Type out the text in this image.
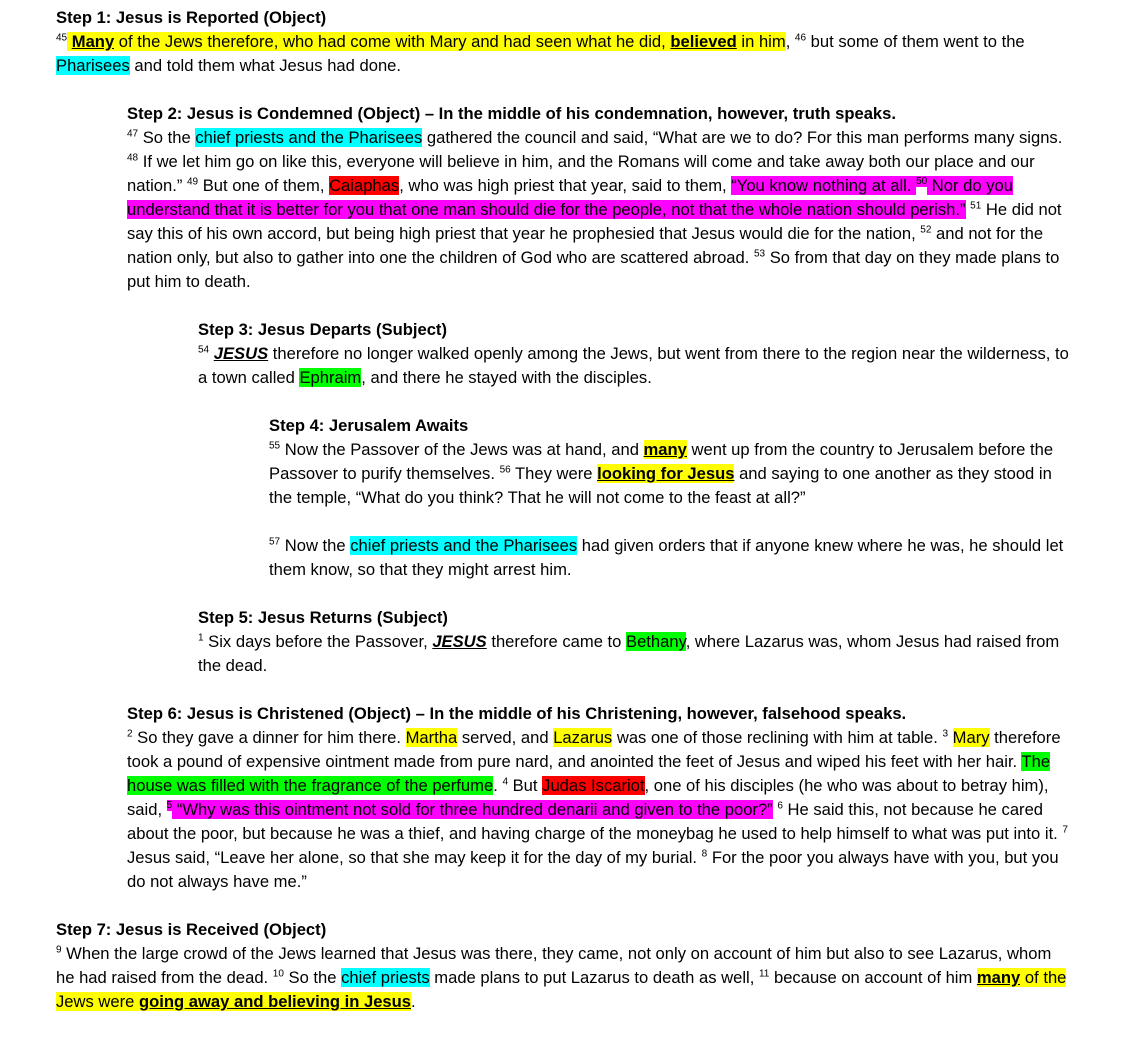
Step 1: Jesus is Reported (Object)
$^{45}$ Many of the Jews therefore, who had come with Mary and had seen what he did, believed in him, $^{46}$ but some of them went to the Pharisees and told them what Jesus had done.
Step 2: Jesus is Condemned (Object) – In the middle of his condemnation, however, truth speaks.
$^{47}$ So the chief priests and the Pharisees gathered the council and said, “What are we to do? For this man performs many signs. $^{48}$ If we let him go on like this, everyone will believe in him, and the Romans will come and take away both our place and our nation.” $^{49}$ But one of them, Caiaphas, who was high priest that year, said to them, “You know nothing at all. $^{50}$ Nor do you understand that it is better for you that one man should die for the people, not that the whole nation should perish.” $^{51}$ He did not say this of his own accord, but being high priest that year he prophesied that Jesus would die for the nation, $^{52}$ and not for the nation only, but also to gather into one the children of God who are scattered abroad. $^{53}$ So from that day on they made plans to put him to death.
Step 3: Jesus Departs (Subject)
$^{54}$ JESUS therefore no longer walked openly among the Jews, but went from there to the region near the wilderness, to a town called Ephraim, and there he stayed with the disciples.
Step 4: Jerusalem Awaits
$^{55}$ Now the Passover of the Jews was at hand, and many went up from the country to Jerusalem before the Passover to purify themselves. $^{56}$ They were looking for Jesus and saying to one another as they stood in the temple, “What do you think? That he will not come to the feast at all?”
$^{57}$ Now the chief priests and the Pharisees had given orders that if anyone knew where he was, he should let them know, so that they might arrest him.
Step 5: Jesus Returns (Subject)
$^1$ Six days before the Passover, JESUS therefore came to Bethany, where Lazarus was, whom Jesus had raised from the dead.
Step 6: Jesus is Christened (Object) – In the middle of his Christening, however, falsehood speaks.
$^2$ So they gave a dinner for him there. Martha served, and Lazarus was one of those reclining with him at table. $^3$ Mary therefore took a pound of expensive ointment made from pure nard, and anointed the feet of Jesus and wiped his feet with her hair. The house was filled with the fragrance of the perfume. $^4$ But Judas Iscariot, one of his disciples (he who was about to betray him), said, $^5$ “Why was this ointment not sold for three hundred denarii and given to the poor?” $^6$ He said this, not because he cared about the poor, but because he was a thief, and having charge of the moneybag he used to help himself to what was put into it. $^7$ Jesus said, “Leave her alone, so that she may keep it for the day of my burial. $^8$ For the poor you always have with you, but you do not always have me.”
Step 7: Jesus is Received (Object)
$^9$ When the large crowd of the Jews learned that Jesus was there, they came, not only on account of him but also to see Lazarus, whom he had raised from the dead. $^{10}$ So the chief priests made plans to put Lazarus to death as well, $^{11}$ because on account of him many of the Jews were going away and believing in Jesus.
